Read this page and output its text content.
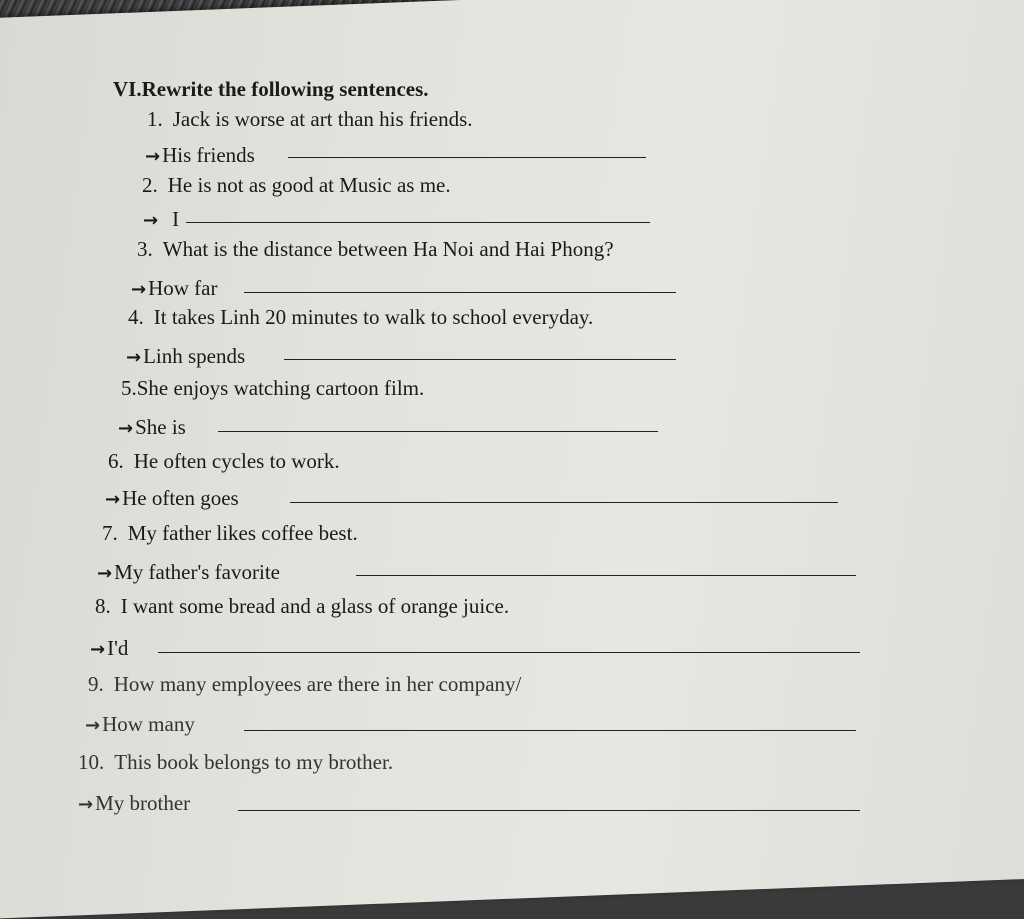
VI.Rewrite the following sentences.
1. Jack is worse at art than his friends.
→His friends
2. He is not as good at Music as me.
→ I
3. What is the distance between Ha Noi and Hai Phong?
→How far
4. It takes Linh 20 minutes to walk to school everyday.
→Linh spends
5.She enjoys watching cartoon film.
→She is
6. He often cycles to work.
→He often goes
7. My father likes coffee best.
→My father's favorite
8. I want some bread and a glass of orange juice.
→I'd
9. How many employees are there in her company/
→How many
10. This book belongs to my brother.
→My brother
